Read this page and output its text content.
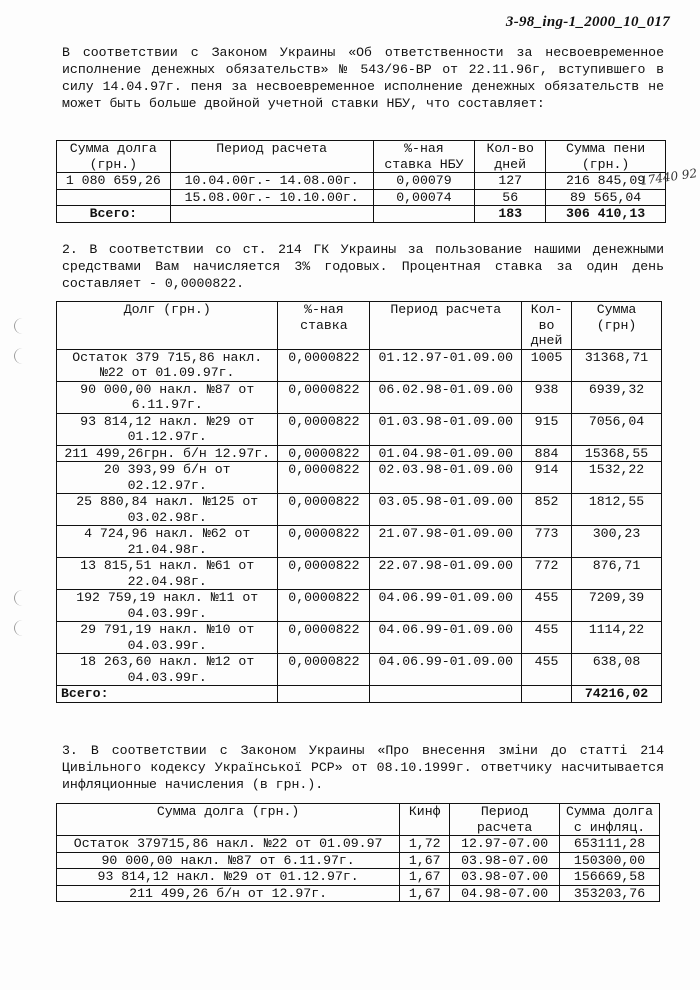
3-98_ing-1_2000_10_017
В соответствии с Законом Украины «Об ответственности за несвоевременное исполнение денежных обязательств» № 543/96-ВР от 22.11.96г, вступившего в силу 14.04.97г. пеня за несвоевременное исполнение денежных обязательств не может быть больше двойной учетной ставки НБУ, что составляет:
Сумма долга (грн.)	Период расчета	%-ная ставка НБУ	Кол-во дней	Сумма пени (грн.)
1 080 659,26	10.04.00г.- 14.08.00г.	0,00079	127	216 845,09
	15.08.00г.- 10.10.00г.	0,00074	56	89 565,04
Всего:			183	306 410,13
17440 92
2. В соответствии со ст. 214 ГК Украины за пользование нашими денежными средствами Вам начисляется 3% годовых. Процентная ставка за один день составляет - 0,0000822.
Долг (грн.)	%-ная ставка	Период расчета	Кол-во дней	Сумма (грн)
Остаток 379 715,86 накл. №22 от 01.09.97г.	0,0000822	01.12.97-01.09.00	1005	31368,71
90 000,00 накл. №87 от 6.11.97г.	0,0000822	06.02.98-01.09.00	938	6939,32
93 814,12 накл. №29 от 01.12.97г.	0,0000822	01.03.98-01.09.00	915	7056,04
211 499,26грн. б/н 12.97г.	0,0000822	01.04.98-01.09.00	884	15368,55
20 393,99 б/н от 02.12.97г.	0,0000822	02.03.98-01.09.00	914	1532,22
25 880,84 накл. №125 от 03.02.98г.	0,0000822	03.05.98-01.09.00	852	1812,55
4 724,96 накл. №62 от 21.04.98г.	0,0000822	21.07.98-01.09.00	773	300,23
13 815,51 накл. №61 от 22.04.98г.	0,0000822	22.07.98-01.09.00	772	876,71
192 759,19 накл. №11 от 04.03.99г.	0,0000822	04.06.99-01.09.00	455	7209,39
29 791,19 накл. №10 от 04.03.99г.	0,0000822	04.06.99-01.09.00	455	1114,22
18 263,60 накл. №12 от 04.03.99г.	0,0000822	04.06.99-01.09.00	455	638,08
Всего:				74216,02
3. В соответствии с Законом Украины «Про внесення зміни до статті 214 Цивільного кодексу Української РСР» от 08.10.1999г. ответчику насчитывается инфляционные начисления (в грн.).
Сумма долга (грн.)	Кинф	Период расчета	Сумма долга с инфляц.
Остаток 379715,86 накл. №22 от 01.09.97	1,72	12.97-07.00	653111,28
90 000,00 накл. №87 от 6.11.97г.	1,67	03.98-07.00	150300,00
93 814,12 накл. №29 от 01.12.97г.	1,67	03.98-07.00	156669,58
211 499,26 б/н от 12.97г.	1,67	04.98-07.00	353203,76
